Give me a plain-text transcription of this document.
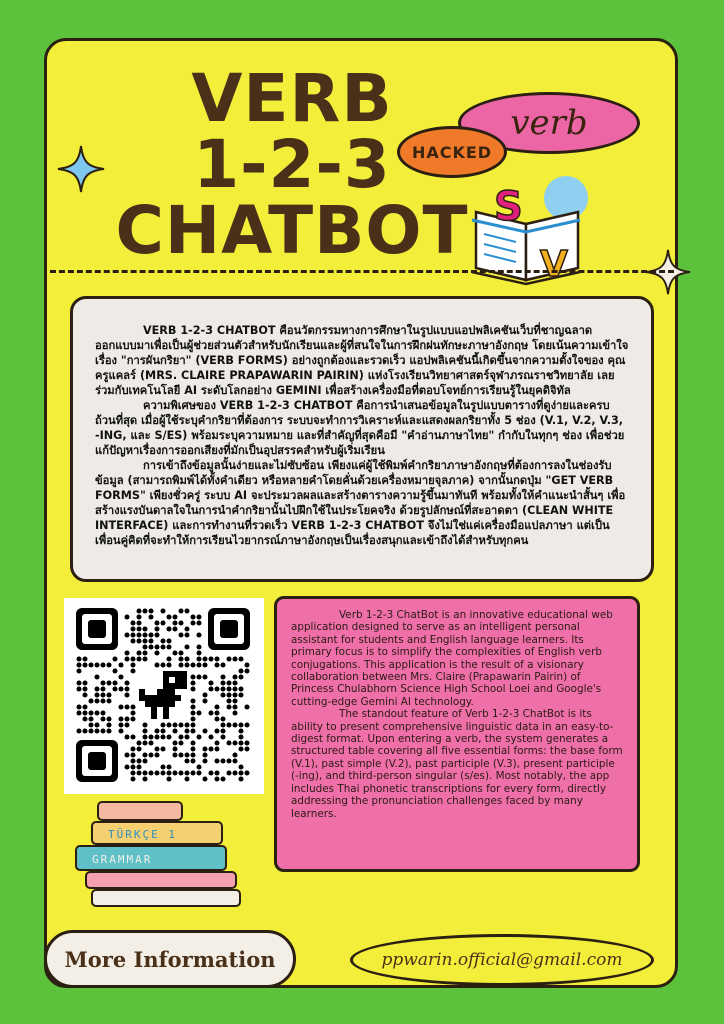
VERB
1-2-3
CHATBOT
verb
HACKED
S
V

VERB 1-2-3 CHATBOT คือนวัตกรรมทางการศึกษาในรูปแบบแอปพลิเคชันเว็บที่ชาญฉลาด ออกแบบมาเพื่อเป็นผู้ช่วยส่วนตัวสำหรับนักเรียนและผู้ที่สนใจในการฝึกฝนทักษะภาษาอังกฤษ โดยเน้นความเข้าใจเรื่อง "การผันกริยา" (VERB FORMS) อย่างถูกต้องและรวดเร็ว แอปพลิเคชันนี้เกิดขึ้นจากความตั้งใจของ คุณครูแคลร์ (MRS. CLAIRE PRAPAWARIN PAIRIN) แห่งโรงเรียนวิทยาศาสตร์จุฬาภรณราชวิทยาลัย เลย ร่วมกับเทคโนโลยี AI ระดับโลกอย่าง GEMINI เพื่อสร้างเครื่องมือที่ตอบโจทย์การเรียนรู้ในยุคดิจิทัล

ความพิเศษของ VERB 1-2-3 CHATBOT คือการนำเสนอข้อมูลในรูปแบบตารางที่ดูง่ายและครบถ้วนที่สุด เมื่อผู้ใช้ระบุคำกริยาที่ต้องการ ระบบจะทำการวิเคราะห์และแสดงผลกริยาทั้ง 5 ช่อง (V.1, V.2, V.3, -ING, และ S/ES) พร้อมระบุความหมาย และที่สำคัญที่สุดคือมี "คำอ่านภาษาไทย" กำกับในทุกๆ ช่อง เพื่อช่วยแก้ปัญหาเรื่องการออกเสียงที่มักเป็นอุปสรรคสำหรับผู้เริ่มเรียน

การเข้าถึงข้อมูลนั้นง่ายและไม่ซับซ้อน เพียงแค่ผู้ใช้พิมพ์คำกริยาภาษาอังกฤษที่ต้องการลงในช่องรับข้อมูล (สามารถพิมพ์ได้ทั้งคำเดียว หรือหลายคำโดยคั่นด้วยเครื่องหมายจุลภาค) จากนั้นกดปุ่ม "GET VERB FORMS" เพียงชั่วครู่ ระบบ AI จะประมวลผลและสร้างตารางความรู้ขึ้นมาทันที พร้อมทั้งให้คำแนะนำสั้นๆ เพื่อสร้างแรงบันดาลใจในการนำคำกริยานั้นไปฝึกใช้ในประโยคจริง ด้วยรูปลักษณ์ที่สะอาดตา (CLEAN WHITE INTERFACE) และการทำงานที่รวดเร็ว VERB 1-2-3 CHATBOT จึงไม่ใช่แค่เครื่องมือแปลภาษา แต่เป็นเพื่อนคู่คิดที่จะทำให้การเรียนไวยากรณ์ภาษาอังกฤษเป็นเรื่องสนุกและเข้าถึงได้สำหรับทุกคน

Verb 1-2-3 ChatBot is an innovative educational web application designed to serve as an intelligent personal assistant for students and English language learners. Its primary focus is to simplify the complexities of English verb conjugations. This application is the result of a visionary collaboration between Mrs. Claire (Prapawarin Pairin) of Princess Chulabhorn Science High School Loei and Google's cutting-edge Gemini AI technology.

The standout feature of Verb 1-2-3 ChatBot is its ability to present comprehensive linguistic data in an easy-to-digest format. Upon entering a verb, the system generates a structured table covering all five essential forms: the base form (V.1), past simple (V.2), past participle (V.3), present participle (-ing), and third-person singular (s/es). Most notably, the app includes Thai phonetic transcriptions for every form, directly addressing the pronunciation challenges faced by many learners.

TÜRKÇE 1
GRAMMAR
More Information	ppwarin.official@gmail.com
